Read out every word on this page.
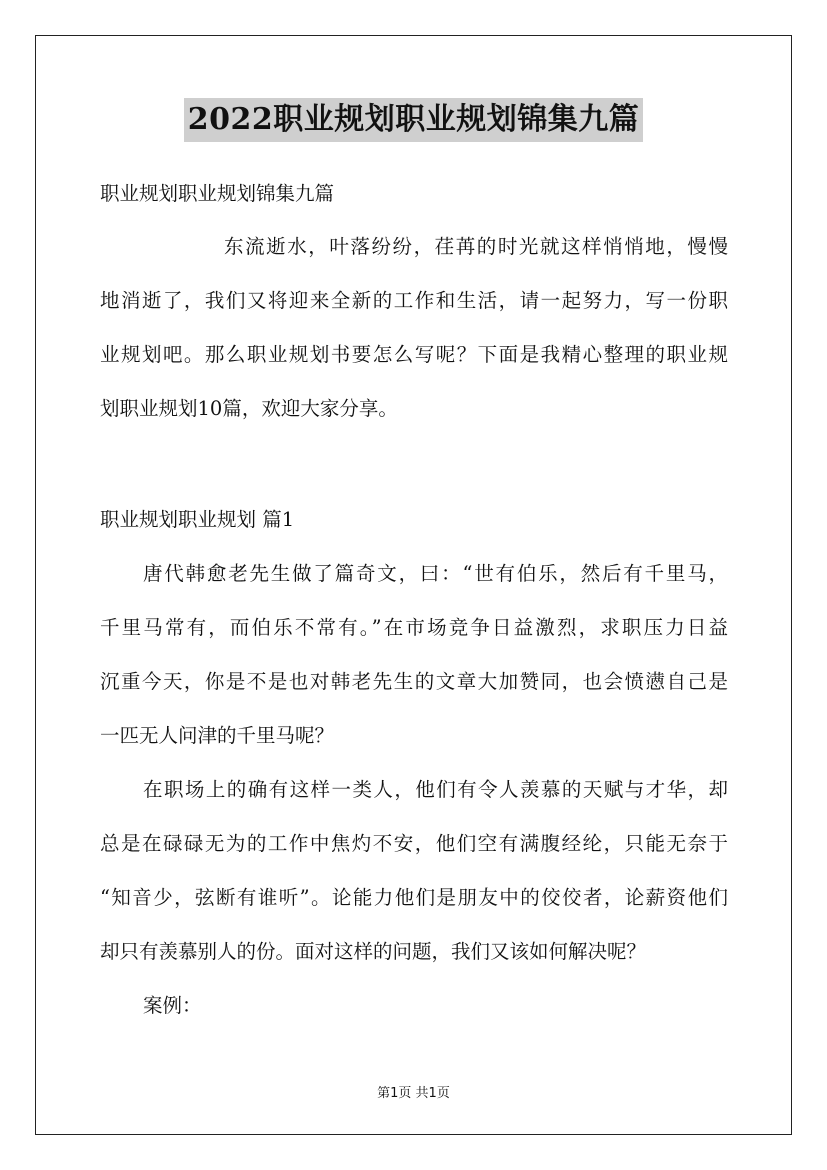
2022职业规划职业规划锦集九篇
职业规划职业规划锦集九篇
东流逝水，叶落纷纷，荏苒的时光就这样悄悄地，慢慢
地消逝了，我们又将迎来全新的工作和生活，请一起努力，写一份职
业规划吧。那么职业规划书要怎么写呢？下面是我精心整理的职业规
划职业规划10篇，欢迎大家分享。
职业规划职业规划 篇1
唐代韩愈老先生做了篇奇文，曰：“世有伯乐，然后有千里马，
千里马常有，而伯乐不常有。”在市场竞争日益激烈，求职压力日益
沉重今天，你是不是也对韩老先生的文章大加赞同，也会愤懑自己是
一匹无人问津的千里马呢？
在职场上的确有这样一类人，他们有令人羡慕的天赋与才华，却
总是在碌碌无为的工作中焦灼不安，他们空有满腹经纶，只能无奈于
“知音少，弦断有谁听”。论能力他们是朋友中的佼佼者，论薪资他们
却只有羡慕别人的份。面对这样的问题，我们又该如何解决呢？
案例：
第1页 共1页
